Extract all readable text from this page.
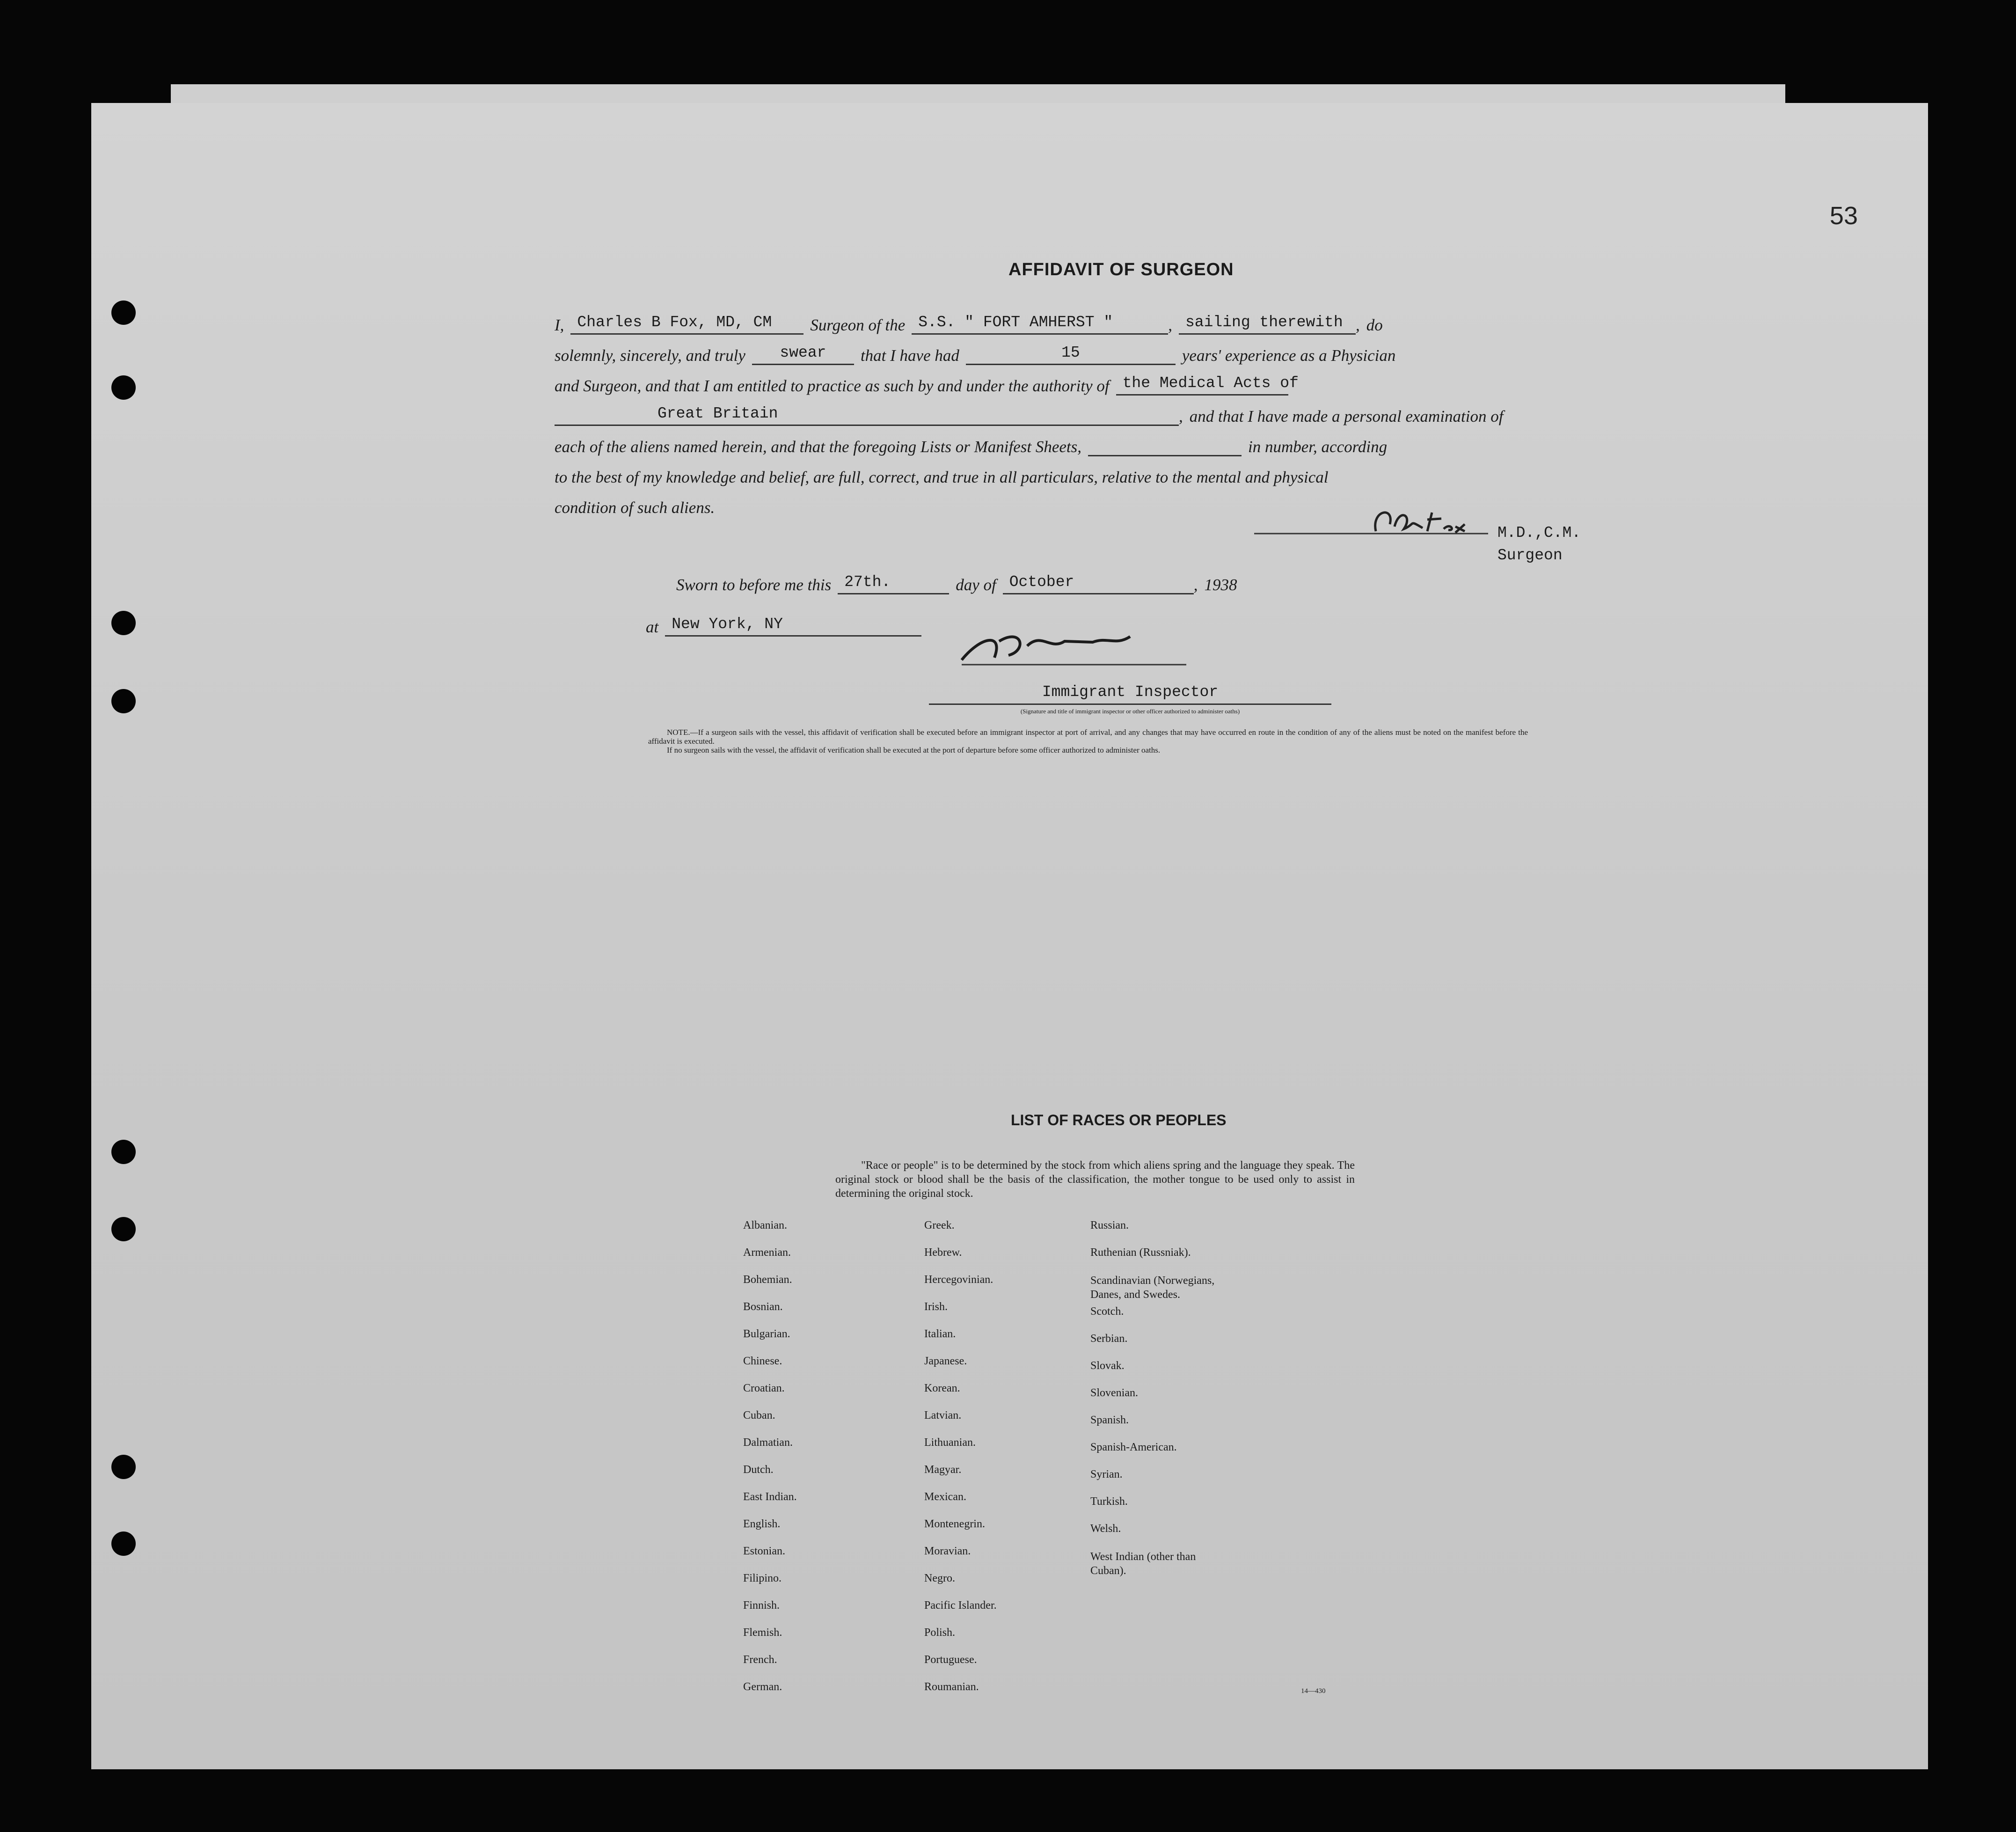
53
AFFIDAVIT OF SURGEON
I, Charles B Fox, MD, CM	Surgeon of the S.S. " FORT AMHERST "	, sailing therewith , do
solemnly, sincerely, and truly	swear	that I have had	15	years' experience as a Physician
and Surgeon, and that I am entitled to practice as such by and under the authority of the Medical Acts of
Great Britain	, and that I have made a personal examination of
each of the aliens named herein, and that the foregoing Lists or Manifest Sheets,	in number, according
to the best of my knowledge and belief, are full, correct, and true in all particulars, relative to the mental and physical
condition of such aliens.
M.D.,C.M.
Surgeon
Sworn to before me this 27th.	day of October	, 1938
at New York, NY
Immigrant Inspector
(Signature and title of immigrant inspector or other officer authorized to administer oaths)
NOTE.—If a surgeon sails with the vessel, this affidavit of verification shall be executed before an immigrant inspector at port of arrival, and any changes that may have occurred en route in the condition of any of the aliens must be noted on the manifest before the affidavit is executed.
If no surgeon sails with the vessel, the affidavit of verification shall be executed at the port of departure before some officer authorized to administer oaths.
LIST OF RACES OR PEOPLES
"Race or people" is to be determined by the stock from which aliens spring and the language they speak. The original stock or blood shall be the basis of the classification, the mother tongue to be used only to assist in determining the original stock.
Albanian.
Armenian.
Bohemian.
Bosnian.
Bulgarian.
Chinese.
Croatian.
Cuban.
Dalmatian.
Dutch.
East Indian.
English.
Estonian.
Filipino.
Finnish.
Flemish.
French.
German.
Greek.
Hebrew.
Hercegovinian.
Irish.
Italian.
Japanese.
Korean.
Latvian.
Lithuanian.
Magyar.
Mexican.
Montenegrin.
Moravian.
Negro.
Pacific Islander.
Polish.
Portuguese.
Roumanian.
Russian.
Ruthenian (Russniak).
Scandinavian (Norwegians,
Danes, and Swedes.
Scotch.
Serbian.
Slovak.
Slovenian.
Spanish.
Spanish-American.
Syrian.
Turkish.
Welsh.
West Indian (other than
Cuban).
14—430
